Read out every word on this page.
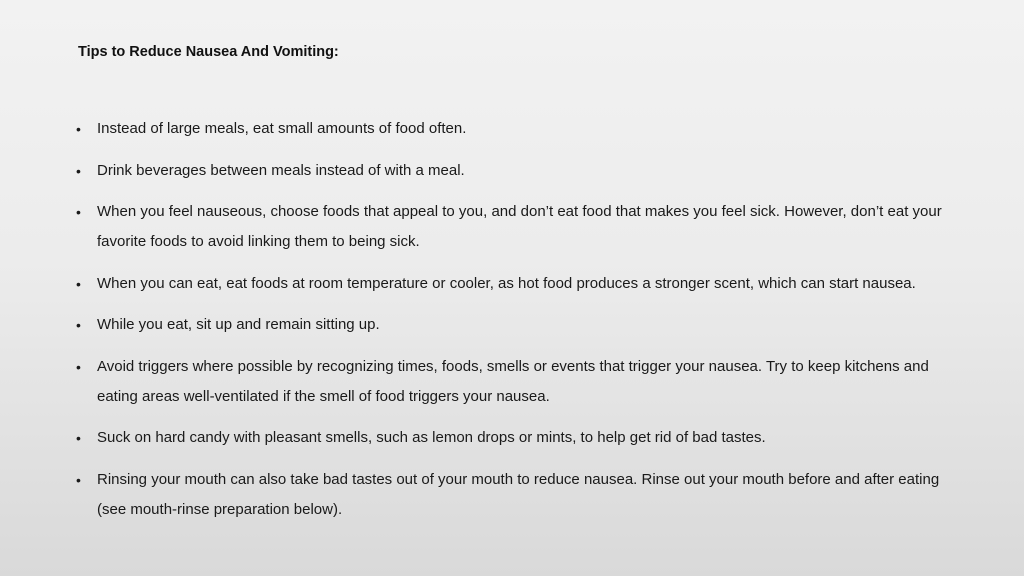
Tips to Reduce Nausea And Vomiting:
• Instead of large meals, eat small amounts of food often.
• Drink beverages between meals instead of with a meal.
• When you feel nauseous, choose foods that appeal to you, and don’t eat food that makes you feel sick. However, don’t eat your favorite foods to avoid linking them to being sick.
• When you can eat, eat foods at room temperature or cooler, as hot food produces a stronger scent, which can start nausea.
• While you eat, sit up and remain sitting up.
• Avoid triggers where possible by recognizing times, foods, smells or events that trigger your nausea. Try to keep kitchens and eating areas well-ventilated if the smell of food triggers your nausea.
• Suck on hard candy with pleasant smells, such as lemon drops or mints, to help get rid of bad tastes.
• Rinsing your mouth can also take bad tastes out of your mouth to reduce nausea. Rinse out your mouth before and after eating (see mouth-rinse preparation below).
